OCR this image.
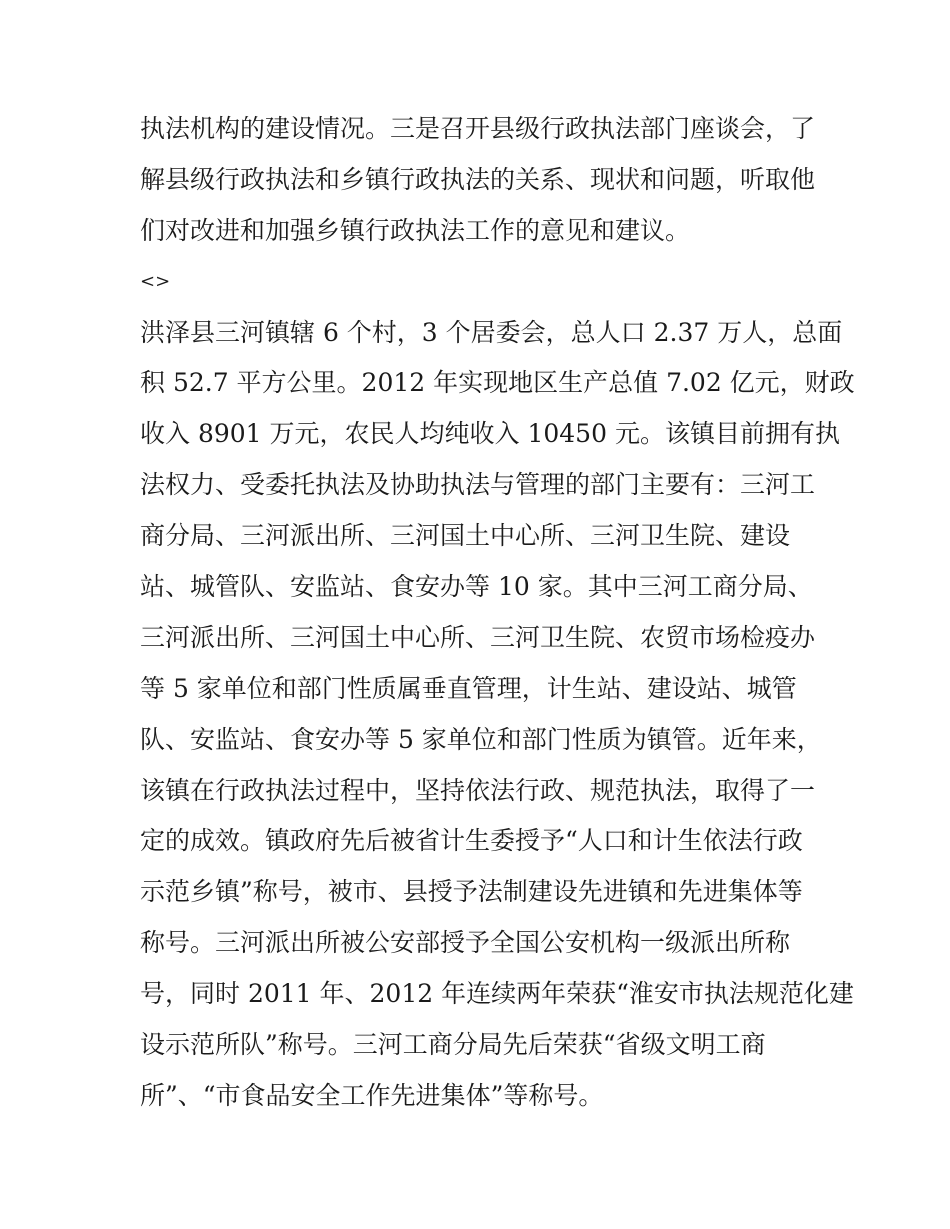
执法机构的建设情况。三是召开县级行政执法部门座谈会，了
解县级行政执法和乡镇行政执法的关系、现状和问题，听取他
们对改进和加强乡镇行政执法工作的意见和建议。
<>
洪泽县三河镇辖 6 个村，3 个居委会，总人口 2.37 万人，总面
积 52.7 平方公里。2012 年实现地区生产总值 7.02 亿元，财政
收入 8901 万元，农民人均纯收入 10450 元。该镇目前拥有执
法权力、受委托执法及协助执法与管理的部门主要有：三河工
商分局、三河派出所、三河国土中心所、三河卫生院、建设
站、城管队、安监站、食安办等 10 家。其中三河工商分局、
三河派出所、三河国土中心所、三河卫生院、农贸市场检疫办
等 5 家单位和部门性质属垂直管理，计生站、建设站、城管
队、安监站、食安办等 5 家单位和部门性质为镇管。近年来，
该镇在行政执法过程中，坚持依法行政、规范执法，取得了一
定的成效。镇政府先后被省计生委授予“人口和计生依法行政
示范乡镇”称号，被市、县授予法制建设先进镇和先进集体等
称号。三河派出所被公安部授予全国公安机构一级派出所称
号，同时 2011 年、2012 年连续两年荣获“淮安市执法规范化建
设示范所队”称号。三河工商分局先后荣获“省级文明工商
所”、“市食品安全工作先进集体”等称号。
